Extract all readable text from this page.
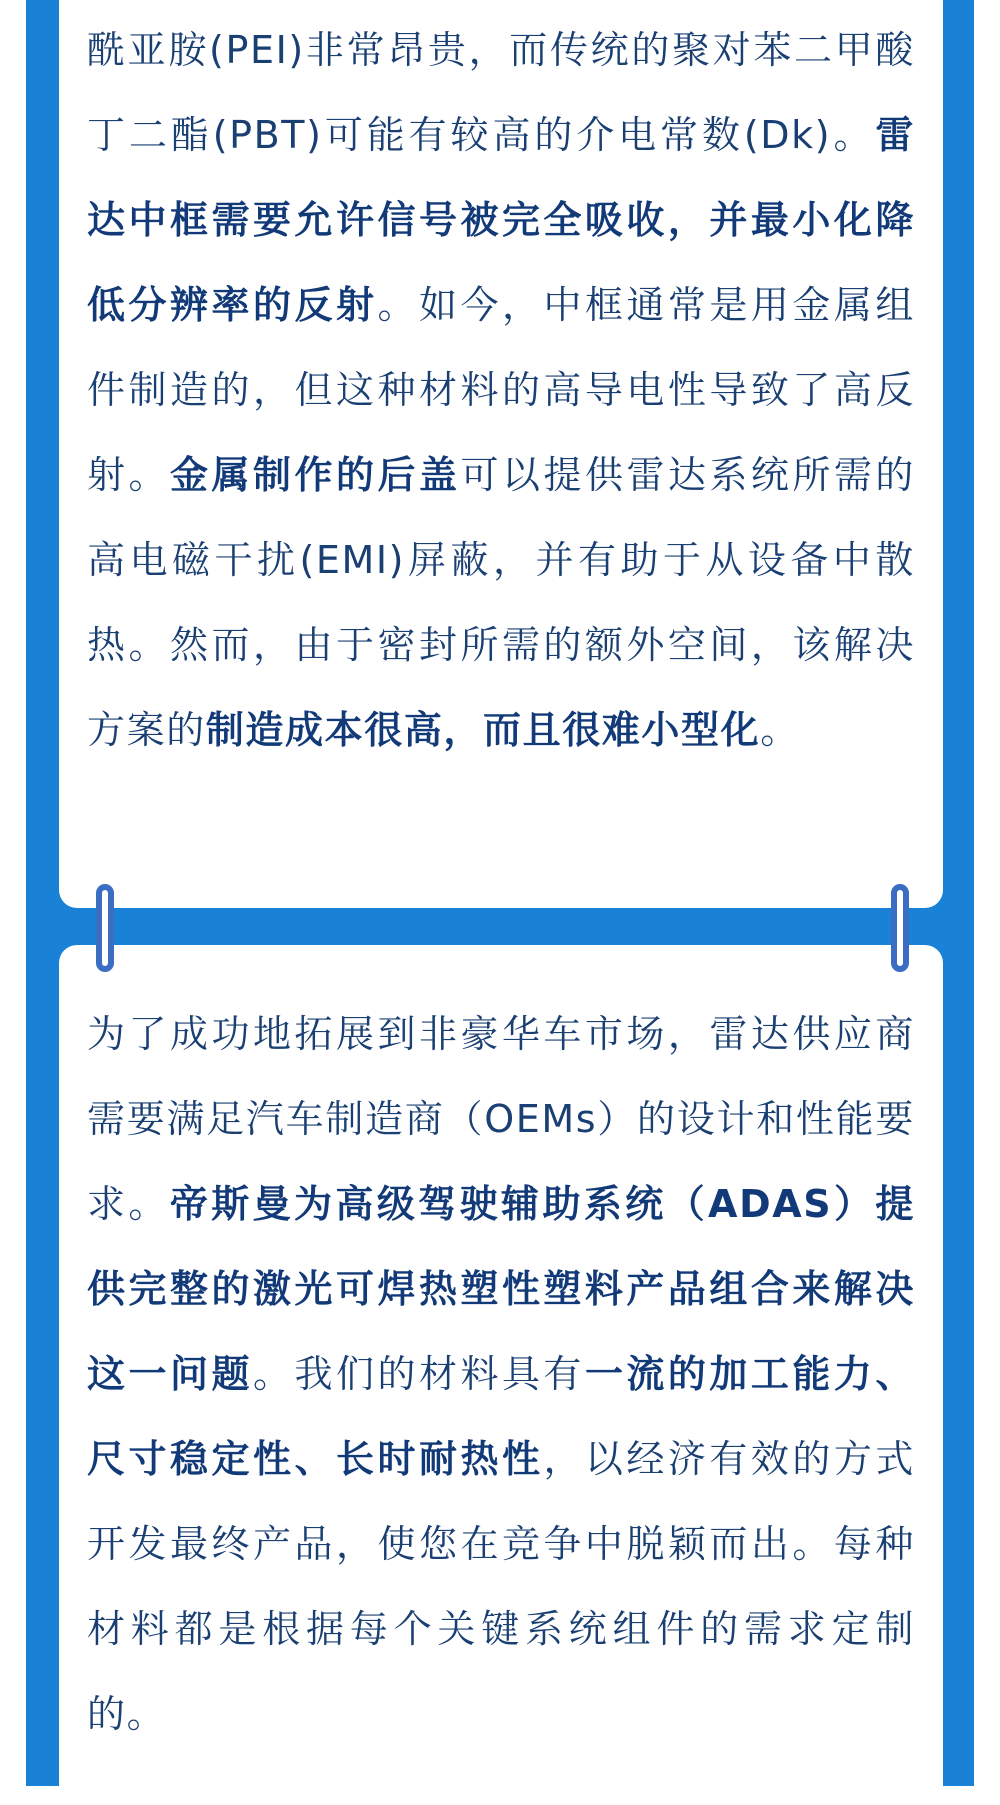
酰亚胺(PEI)非常昂贵，而传统的聚对苯二甲酸丁二酯(PBT)可能有较高的介电常数(Dk)。雷达中框需要允许信号被完全吸收，并最小化降低分辨率的反射。如今，中框通常是用金属组件制造的，但这种材料的高导电性导致了高反射。金属制作的后盖可以提供雷达系统所需的高电磁干扰(EMI)屏蔽，并有助于从设备中散热。然而，由于密封所需的额外空间，该解决方案的制造成本很高，而且很难小型化。

为了成功地拓展到非豪华车市场，雷达供应商需要满足汽车制造商（OEMs）的设计和性能要求。帝斯曼为高级驾驶辅助系统（ADAS）提供完整的激光可焊热塑性塑料产品组合来解决这一问题。我们的材料具有一流的加工能力、尺寸稳定性、长时耐热性，以经济有效的方式开发最终产品，使您在竞争中脱颖而出。每种材料都是根据每个关键系统组件的需求定制的。
